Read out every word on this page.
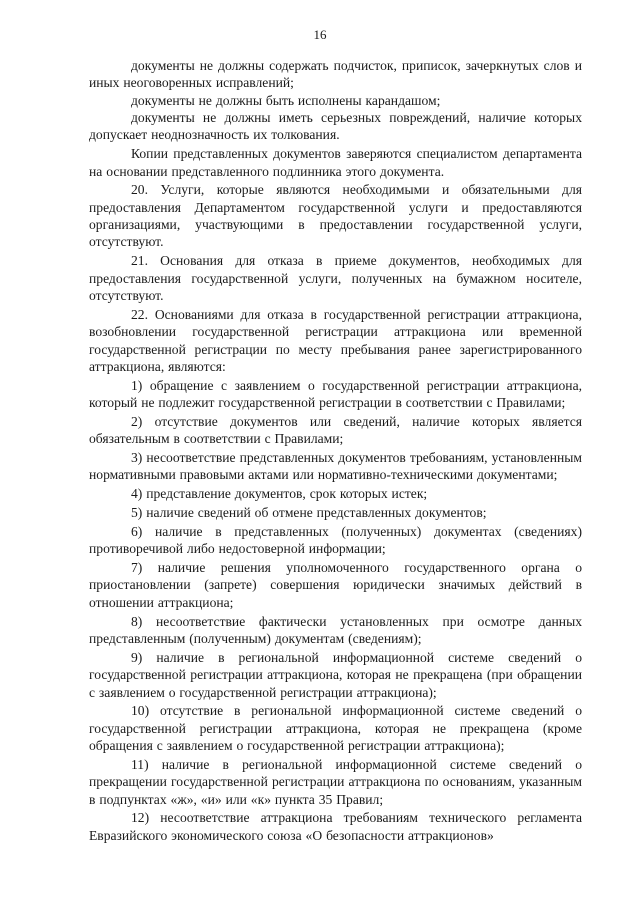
16

документы не должны содержать подчисток, приписок, зачеркнутых слов и иных неоговоренных исправлений;

документы не должны быть исполнены карандашом;

документы не должны иметь серьезных повреждений, наличие которых допускает неоднозначность их толкования.

Копии представленных документов заверяются специалистом департамента на основании представленного подлинника этого документа.

20. Услуги, которые являются необходимыми и обязательными для предоставления Департаментом государственной услуги и предоставляются организациями, участвующими в предоставлении государственной услуги, отсутствуют.

21. Основания для отказа в приеме документов, необходимых для предоставления государственной услуги, полученных на бумажном носителе, отсутствуют.

22. Основаниями для отказа в государственной регистрации аттракциона, возобновлении государственной регистрации аттракциона или временной государственной регистрации по месту пребывания ранее зарегистрированного аттракциона, являются:

1) обращение с заявлением о государственной регистрации аттракциона, который не подлежит государственной регистрации в соответствии с Правилами;

2) отсутствие документов или сведений, наличие которых является обязательным в соответствии с Правилами;

3) несоответствие представленных документов требованиям, установленным нормативными правовыми актами или нормативно-техническими документами;

4) представление документов, срок которых истек;

5) наличие сведений об отмене представленных документов;

6) наличие в представленных (полученных) документах (сведениях) противоречивой либо недостоверной информации;

7) наличие решения уполномоченного государственного органа о приостановлении (запрете) совершения юридически значимых действий в отношении аттракциона;

8) несоответствие фактически установленных при осмотре данных представленным (полученным) документам (сведениям);

9) наличие в региональной информационной системе сведений о государственной регистрации аттракциона, которая не прекращена (при обращении с заявлением о государственной регистрации аттракциона);

10) отсутствие в региональной информационной системе сведений о государственной регистрации аттракциона, которая не прекращена (кроме обращения с заявлением о государственной регистрации аттракциона);

11) наличие в региональной информационной системе сведений о прекращении государственной регистрации аттракциона по основаниям, указанным в подпунктах «ж», «и» или «к» пункта 35 Правил;

12) несоответствие аттракциона требованиям технического регламента Евразийского экономического союза «О безопасности аттракционов»
